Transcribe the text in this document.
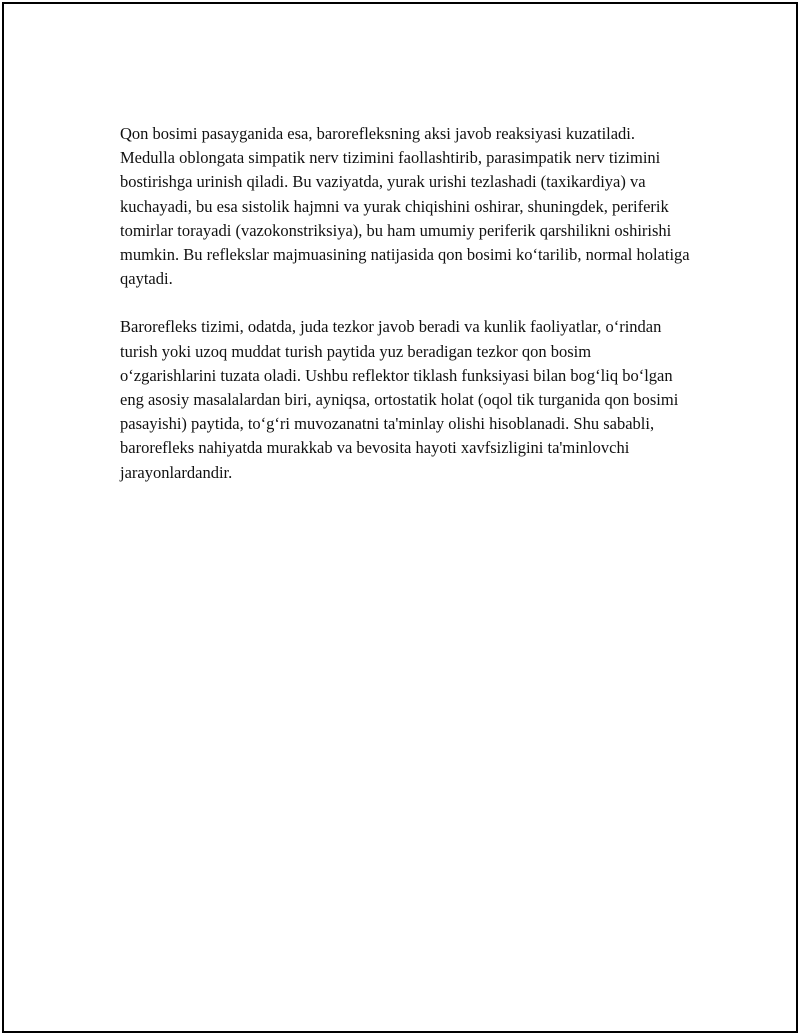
Qon bosimi pasayganida esa, barorefleksning aksi javob reaksiyasi kuzatiladi. Medulla oblongata simpatik nerv tizimini faollashtirib, parasimpatik nerv tizimini bostirishga urinish qiladi. Bu vaziyatda, yurak urishi tezlashadi (taxikardiya) va kuchayadi, bu esa sistolik hajmni va yurak chiqishini oshirar, shuningdek, periferik tomirlar torayadi (vazokonstriksiya), bu ham umumiy periferik qarshilikni oshirishi mumkin. Bu reflekslar majmuasining natijasida qon bosimi koʻtarilib, normal holatiga qaytadi.

Barorefleks tizimi, odatda, juda tezkor javob beradi va kunlik faoliyatlar, oʻrindan turish yoki uzoq muddat turish paytida yuz beradigan tezkor qon bosim oʻzgarishlarini tuzata oladi. Ushbu reflektor tiklash funksiyasi bilan bogʻliq boʻlgan eng asosiy masalalardan biri, ayniqsa, ortostatik holat (oqol tik turganida qon bosimi pasayishi) paytida, toʻgʻri muvozanatni ta'minlay olishi hisoblanadi. Shu sababli, barorefleks nahiyatda murakkab va bevosita hayoti xavfsizligini ta'minlovchi jarayonlardandir.
